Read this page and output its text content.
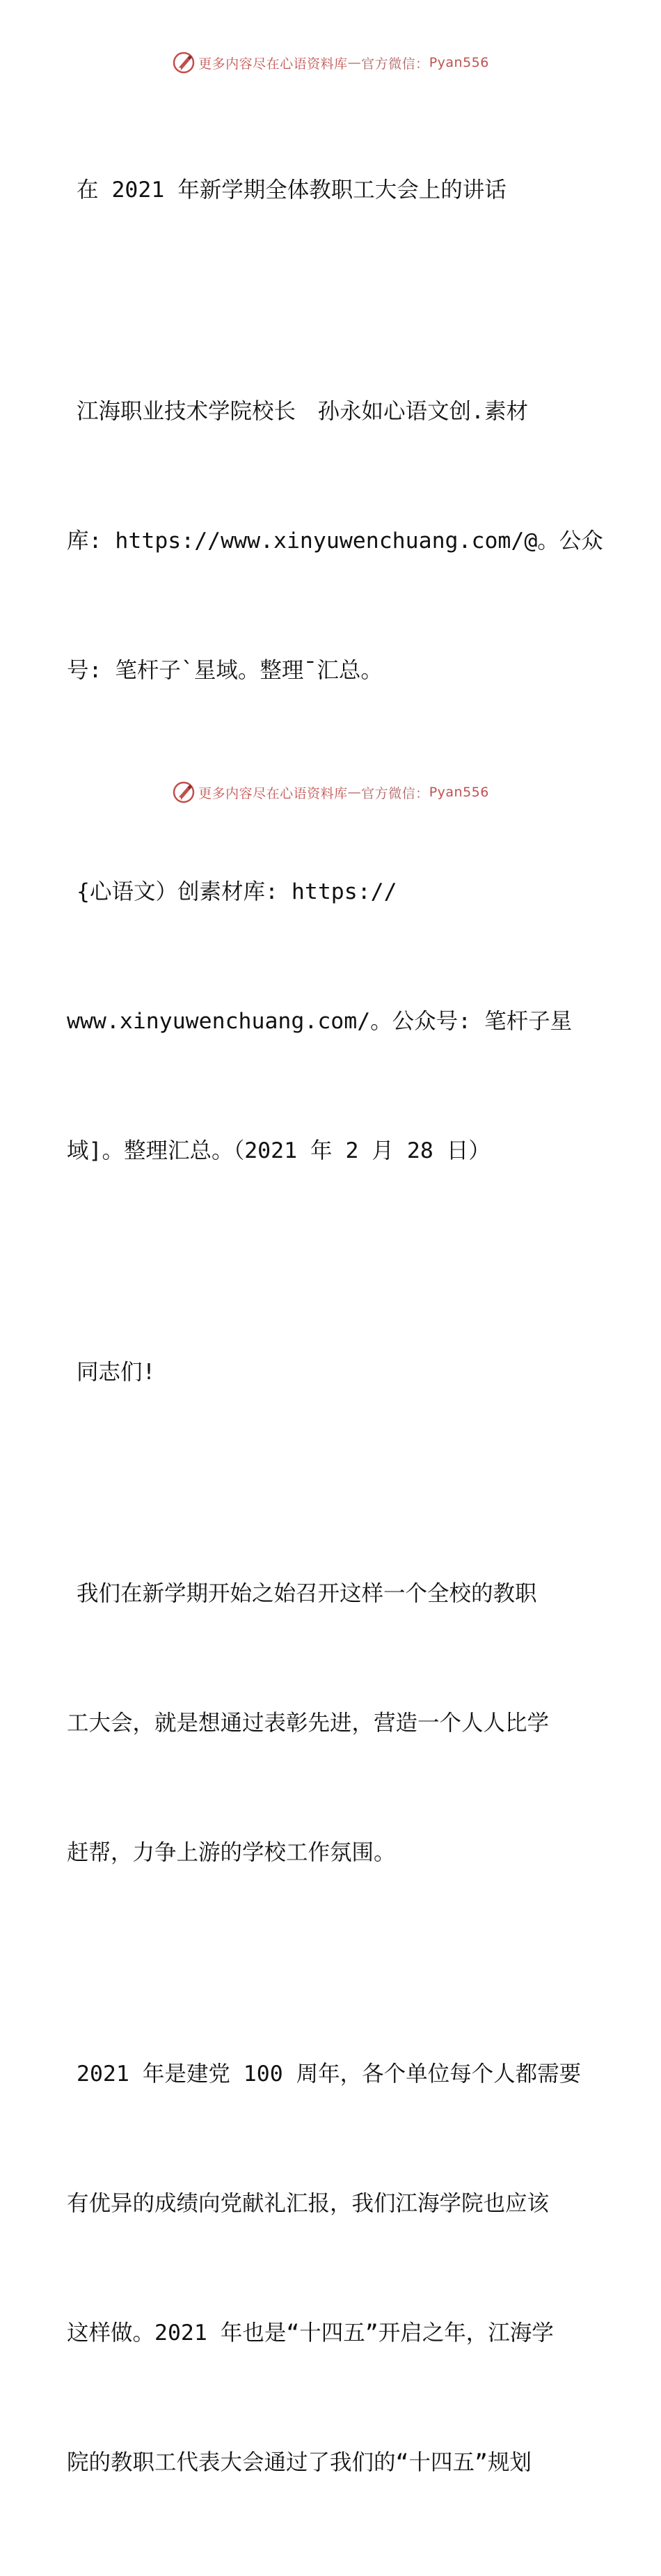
更多内容尽在心语资料库 — 官方微信： Pyan556

在 2021 年新学期全体教职工大会上的讲话

江海职业技术学院校长　孙永如心语文创.素材

库: https://www.xinyuwenchuang.com/@。公众

号: 笔杆子`星域。整理¯汇总。

{心语文）创素材库: https://

www.xinyuwenchuang.com/。公众号: 笔杆子星

域]。整理汇总。（2021 年 2 月 28 日）

同志们!

我们在新学期开始之始召开这样一个全校的教职

工大会，就是想通过表彰先进，营造一个人人比学

赶帮，力争上游的学校工作氛围。

2021 年是建党 100 周年，各个单位每个人都需要

有优异的成绩向党献礼汇报，我们江海学院也应该

这样做。2021 年也是“十四五”开启之年，江海学

院的教职工代表大会通过了我们的“十四五”规划

更多内容尽在心语资料库 — 官方微信： Pyan556
